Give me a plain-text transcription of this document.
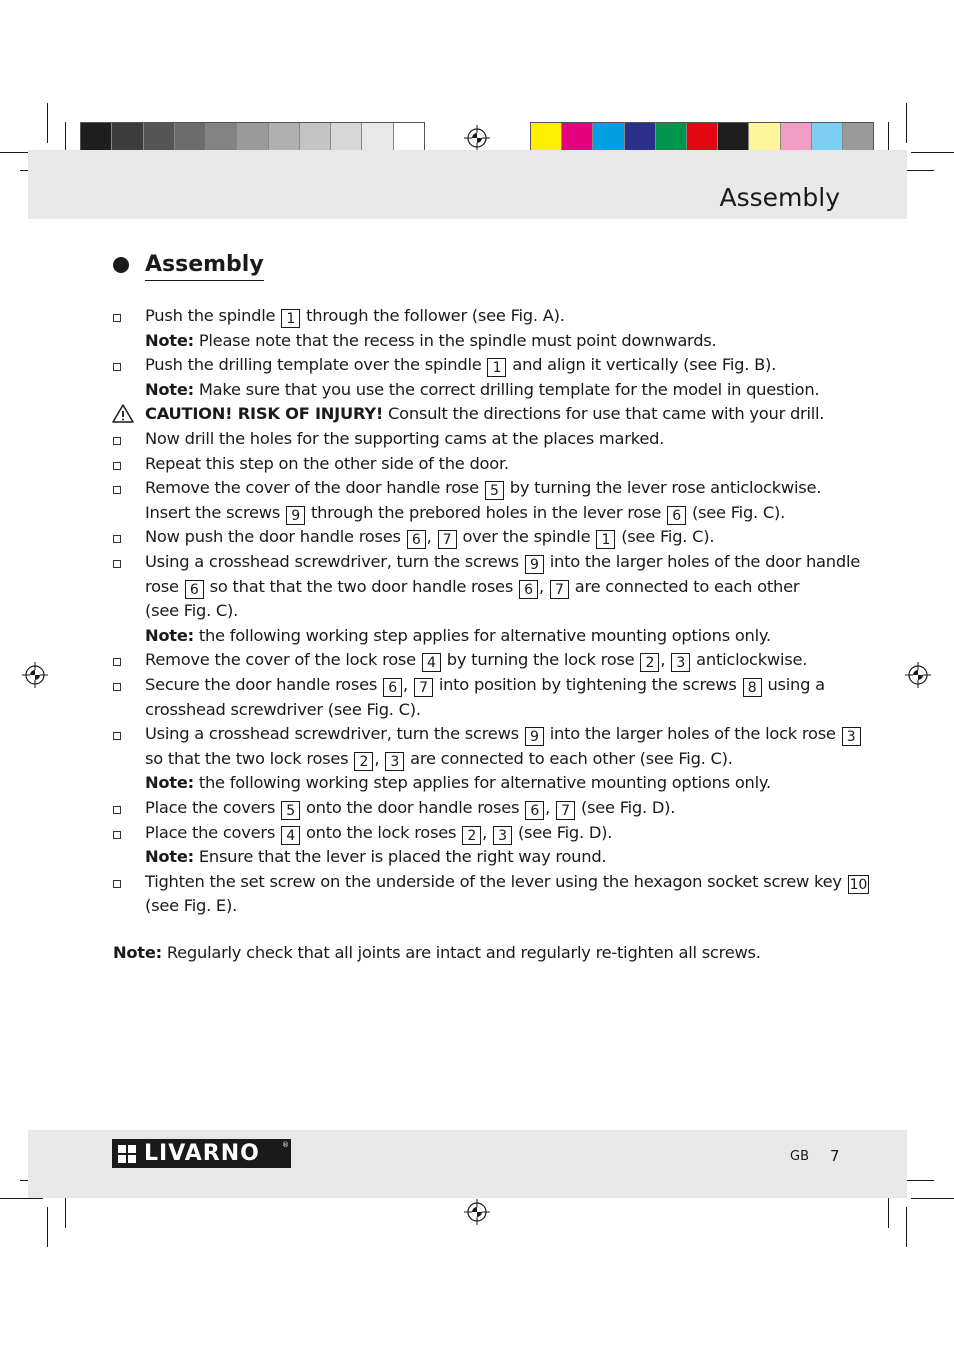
Assembly
Assembly
Push the spindle 1 through the follower (see Fig. A).
Note: Please note that the recess in the spindle must point downwards.
Push the drilling template over the spindle 1 and align it vertically (see Fig. B).
Note: Make sure that you use the correct drilling template for the model in question.
CAUTION! RISK OF INJURY! Consult the directions for use that came with your drill.
Now drill the holes for the supporting cams at the places marked.
Repeat this step on the other side of the door.
Remove the cover of the door handle rose 5 by turning the lever rose anticlockwise.
Insert the screws 9 through the prebored holes in the lever rose 6 (see Fig. C).
Now push the door handle roses 6 , 7 over the spindle 1 (see Fig. C).
Using a crosshead screwdriver, turn the screws 9 into the larger holes of the door handle
rose 6 so that that the two door handle roses 6 , 7 are connected to each other
(see Fig. C).
Note: the following working step applies for alternative mounting options only.
Remove the cover of the lock rose 4 by turning the lock rose 2 , 3 anticlockwise.
Secure the door handle roses 6 , 7 into position by tightening the screws 8 using a
crosshead screwdriver (see Fig. C).
Using a crosshead screwdriver, turn the screws 9 into the larger holes of the lock rose 3
so that the two lock roses 2 , 3 are connected to each other (see Fig. C).
Note: the following working step applies for alternative mounting options only.
Place the covers 5 onto the door handle roses 6 , 7 (see Fig. D).
Place the covers 4 onto the lock roses 2 , 3 (see Fig. D).
Note: Ensure that the lever is placed the right way round.
Tighten the set screw on the underside of the lever using the hexagon socket screw key 10
(see Fig. E).
Note: Regularly check that all joints are intact and regularly re-tighten all screws.
LIVARNO	®
GB 7
